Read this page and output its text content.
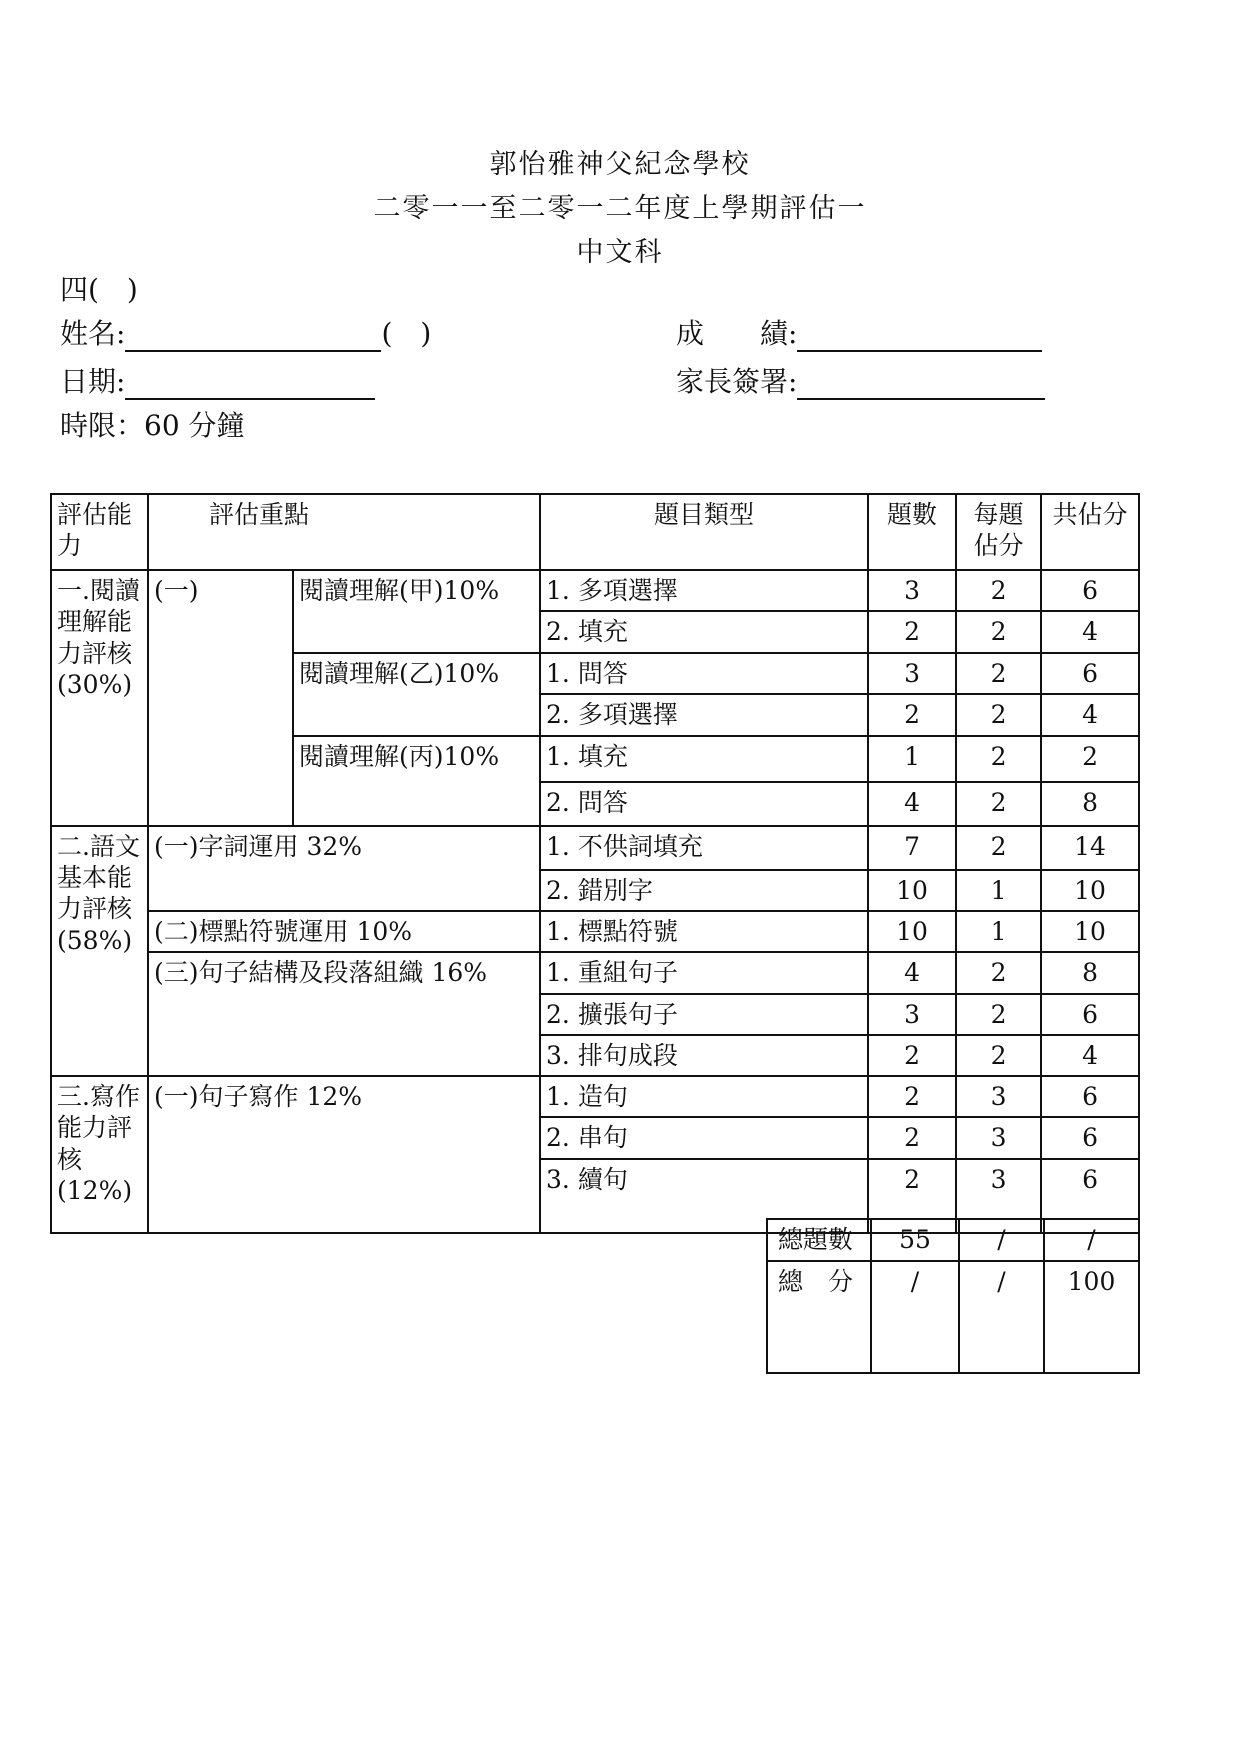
郭怡雅神父紀念學校
二零一一至二零一二年度上學期評估一
中文科
四(　)
姓名:	(　)	成　　績:
日期:	家長簽署:
時限：60 分鐘
評估能力	評估重點		題目類型	題數	每題佔分	共佔分
一.閱讀理解能力評核(30%)	(一)	閱讀理解(甲)10%	1. 多項選擇	3	2	6
			2. 填充	2	2	4
		閱讀理解(乙)10%	1. 問答	3	2	6
			2. 多項選擇	2	2	4
		閱讀理解(丙)10%	1. 填充	1	2	2
			2. 問答	4	2	8
二.語文基本能力評核(58%)	(一)字詞運用 32%		1. 不供詞填充	7	2	14
			2. 錯別字	10	1	10
	(二)標點符號運用 10%		1. 標點符號	10	1	10
	(三)句子結構及段落組織 16%		1. 重組句子	4	2	8
			2. 擴張句子	3	2	6
			3. 排句成段	2	2	4
三.寫作能力評核(12%)	(一)句子寫作 12%		1. 造句	2	3	6
			2. 串句	2	3	6
			3. 續句	2	3	6
總題數	55	/	/
總　分	/	/	100
